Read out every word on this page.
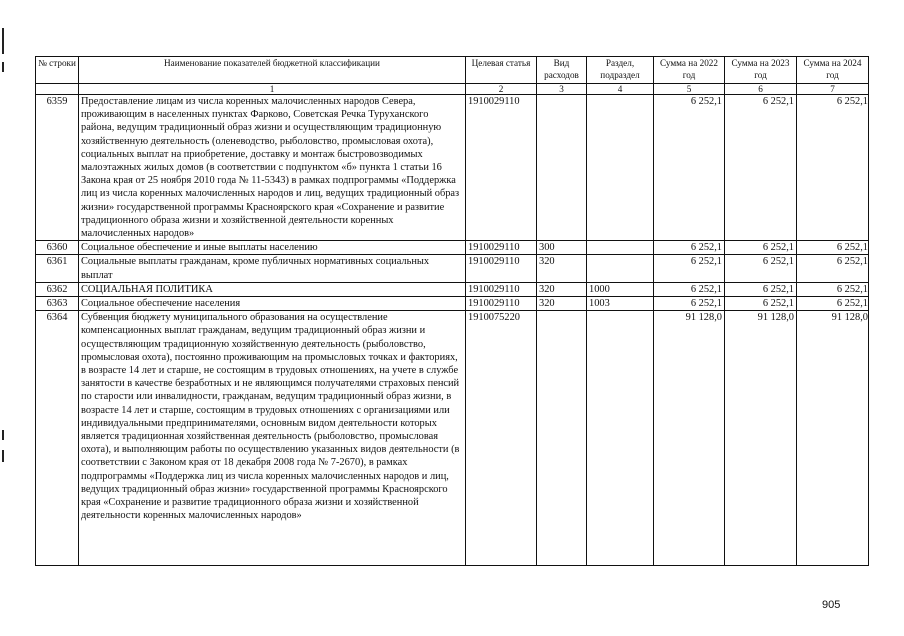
№ строки	Наименование показателей бюджетной классификации	Целевая статья	Вид расходов	Раздел, подраздел	Сумма на 2022 год	Сумма на 2023 год	Сумма на 2024 год
	1	2	3	4	5	6	7
6359	Предоставление лицам из числа коренных малочисленных народов Севера, проживающим в населенных пунктах Фарково, Советская Речка Туруханского района, ведущим традиционный образ жизни и осуществляющим традиционную хозяйственную деятельность (оленеводство, рыболовство, промысловая охота), социальных выплат на приобретение, доставку и монтаж быстровозводимых малоэтажных жилых домов (в соответствии с подпунктом «б» пункта 1 статьи 16 Закона края от 25 ноября 2010 года № 11-5343) в рамках подпрограммы «Поддержка лиц из числа коренных малочисленных народов и лиц, ведущих традиционный образ жизни» государственной программы Красноярского края «Сохранение и развитие традиционного образа жизни и хозяйственной деятельности коренных малочисленных народов»	1910029110			6 252,1	6 252,1	6 252,1
6360	Социальное обеспечение и иные выплаты населению	1910029110	300		6 252,1	6 252,1	6 252,1
6361	Социальные выплаты гражданам, кроме публичных нормативных социальных выплат	1910029110	320		6 252,1	6 252,1	6 252,1
6362	СОЦИАЛЬНАЯ ПОЛИТИКА	1910029110	320	1000	6 252,1	6 252,1	6 252,1
6363	Социальное обеспечение населения	1910029110	320	1003	6 252,1	6 252,1	6 252,1
6364	Субвенция бюджету муниципального образования на осуществление компенсационных выплат гражданам, ведущим традиционный образ жизни и осуществляющим традиционную хозяйственную деятельность (рыболовство, промысловая охота), постоянно проживающим на промысловых точках и факториях, в возрасте 14 лет и старше, не состоящим в трудовых отношениях, на учете в службе занятости в качестве безработных и не являющимся получателями страховых пенсий по старости или инвалидности, гражданам, ведущим традиционный образ жизни, в возрасте 14 лет и старше, состоящим в трудовых отношениях с организациями или индивидуальными предпринимателями, основным видом деятельности которых является традиционная хозяйственная деятельность (рыболовство, промысловая охота), и выполняющим работы по осуществлению указанных видов деятельности (в соответствии с Законом края от 18 декабря 2008 года № 7-2670), в рамках подпрограммы «Поддержка лиц из числа коренных малочисленных народов и лиц, ведущих традиционный образ жизни» государственной программы Красноярского края «Сохранение и развитие традиционного образа жизни и хозяйственной деятельности коренных малочисленных народов»	1910075220			91 128,0	91 128,0	91 128,0
905
